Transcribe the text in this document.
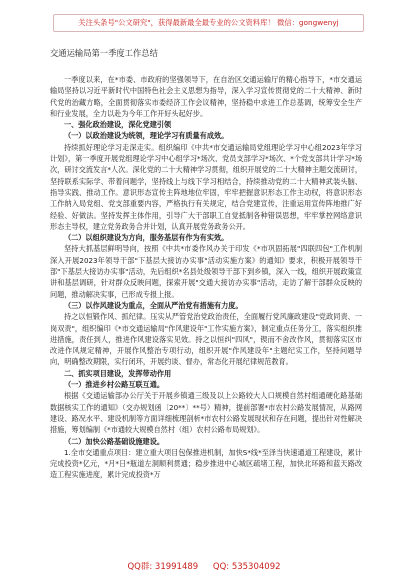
关注头条号"公文研究"，获得最新最全最专业的公文资料库！ 微信：gongwenyj
交通运输局第一季度工作总结

一季度以来，在*市委、市政府的坚强领导下，在自治区交通运输厅的精心指导下，*市交通运输局坚持以习近平新时代中国特色社会主义思想为指导，深入学习宣传贯彻党的二十大精神、新时代党的治藏方略，全面贯彻落实市委经济工作会议精神，坚持稳中求进工作总基调，统筹安全生产和行业发展，全力以赴为今年工作开好头起好步。

一、强化政治建设，深化党建引领

（一）以政治建设为统领，理论学习有质量有成效。

持续抓好理论学习走深走实。组织编印《中共*市交通运输局党组理论学习中心组2023年学习计划》，第一季度开展党组理论学习中心组学习*场次、党员支部学习*场次、*个党支部共计学习*场次，研讨交流发言*人次。深化党的二十大精神学习贯彻，组织开展党的二十大精神主题交流研讨，坚持联系实际学、带着问题学，坚持线上与线下学习相结合，持续推动党的二十大精神武装头脑、指导实践、推动工作。意识形态宣传主阵地地位牢固，牢牢把握意识形态工作主动权，将意识形态工作纳入局党组、党支部重要内容，严格执行有关规定，结合党建宣传，注重运用宣传阵地推广好经验、好做法。坚持发挥主体作用，引导广大干部职工自觉抵制各种错误思想，牢牢掌控网络意识形态主导权，建立党务政务合并计划，认真开展党务政务公开。

（二）以组织建设为方向，服务基层有作为有实效。

坚持大抓基层鲜明导向，按照《中共*市委作风办关于印发《*市巩固拓展"四联四包"工作机制深入开展2023年领导干部"下基层大接访办实事"活动实施方案》的通知》要求，积极开展领导干部"下基层大接访办实事"活动，先后组织*名县处级领导干部下到乡镇，深入一线，组织开展政策宣讲和基层调研，针对群众反映问题，探索开展"交通大接访办实事"活动，走访了解干部群众反映的问题，推动解决实事，已形成专报上报。

（三）以作风建设为重点，全面从严治党有措施有力度。

持之以恒锻作风、抓纪律。压实从严管党治党政治责任，全面履行党风廉政建设"党政同责、一岗双责"，组织编印《*市交通运输局"作风建设年"工作实施方案》，制定重点任务分工，落实组织推进措施，责任到人，推进作风建设落实见效。持之以恒纠"四风"，锲而不舍改作风，贯彻落实区市改进作风规定精神，开展作风整治专项行动，组织开展"作风建设年"主题纪实工作，坚持问题导向，明确整改期限，实行闭环，开展约谈、督办，常态化开展纪律规范教育。

二、抓实项目建设，发挥带动作用

（一）推进乡村公路互联互通。

根据《交通运输部办公厅关于开展乡镇通三级及以上公路较大人口规模自然村组通硬化路基础数据核实工作的通知》（交办规划函〔20**〕**号）精神，提前部署*市农村公路发展情况，从路网建设、路况水平、建设机制等方面详细梳理剖析*市农村公路发展现状和存在问题，提出针对性解决措施，筹划编制《*市通较大规模自然村（组）农村公路布局规划》。

（二）加快公路基础设施建设。

1.全市交通重点项目：建立重大项目包保推进机制，加快S*线*至泽当快速通道工程建设，累计完成投资*亿元，*月*日*瓶道左洞顺利贯通；稳步推进中心城区疏堵工程，加快北环路和蓝天路改造工程实施进度，累计完成投资*万

QQ群: 31991489 QQ: 535304092
